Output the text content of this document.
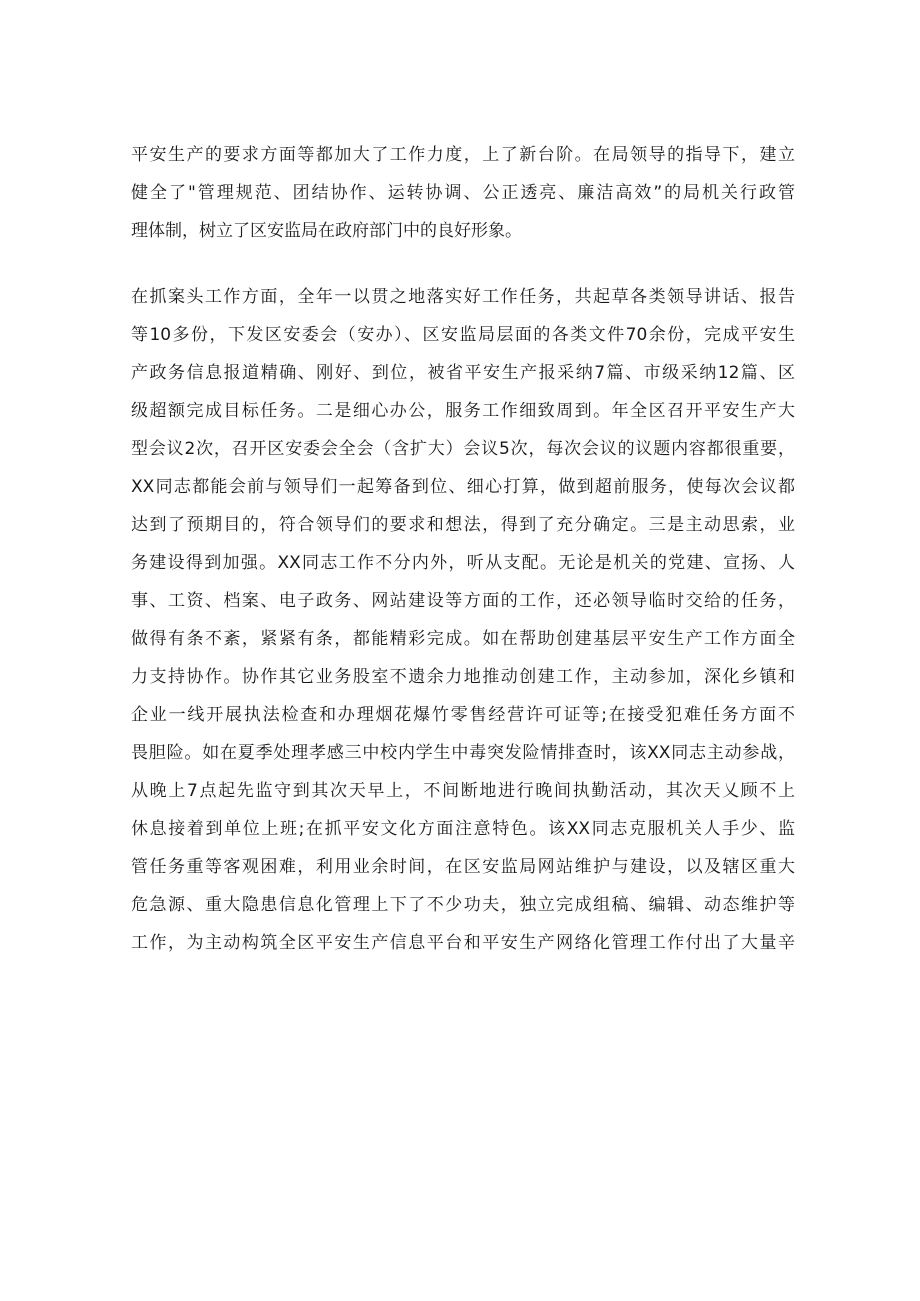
平安生产的要求方面等都加大了工作力度，上了新台阶。在局领导的指导下，建立
健全了"管理规范、团结协作、运转协调、公正透亮、廉洁高效”的局机关行政管
理体制，树立了区安监局在政府部门中的良好形象。
在抓案头工作方面，全年一以贯之地落实好工作任务，共起草各类领导讲话、报告
等10多份，下发区安委会（安办）、区安监局层面的各类文件70余份，完成平安生
产政务信息报道精确、刚好、到位，被省平安生产报采纳7篇、市级采纳12篇、区
级超额完成目标任务。二是细心办公，服务工作细致周到。年全区召开平安生产大
型会议2次，召开区安委会全会（含扩大）会议5次，每次会议的议题内容都很重要，
XX同志都能会前与领导们一起筹备到位、细心打算，做到超前服务，使每次会议都
达到了预期目的，符合领导们的要求和想法，得到了充分确定。三是主动思索，业
务建设得到加强。XX同志工作不分内外，听从支配。无论是机关的党建、宣扬、人
事、工资、档案、电子政务、网站建设等方面的工作，还必领导临时交给的任务，
做得有条不紊，紧紧有条，都能精彩完成。如在帮助创建基层平安生产工作方面全
力支持协作。协作其它业务股室不遗余力地推动创建工作，主动参加，深化乡镇和
企业一线开展执法检查和办理烟花爆竹零售经营许可证等;在接受犯难任务方面不
畏胆险。如在夏季处理孝感三中校内学生中毒突发险情排查时，该XX同志主动参战，
从晚上7点起先监守到其次天早上，不间断地进行晚间执勤活动，其次天乂顾不上
休息接着到单位上班;在抓平安文化方面注意特色。该XX同志克服机关人手少、监
管任务重等客观困难，利用业余时间，在区安监局网站维护与建设，以及辖区重大
危急源、重大隐患信息化管理上下了不少功夫，独立完成组稿、编辑、动态维护等
工作，为主动构筑全区平安生产信息平台和平安生产网络化管理工作付出了大量辛
